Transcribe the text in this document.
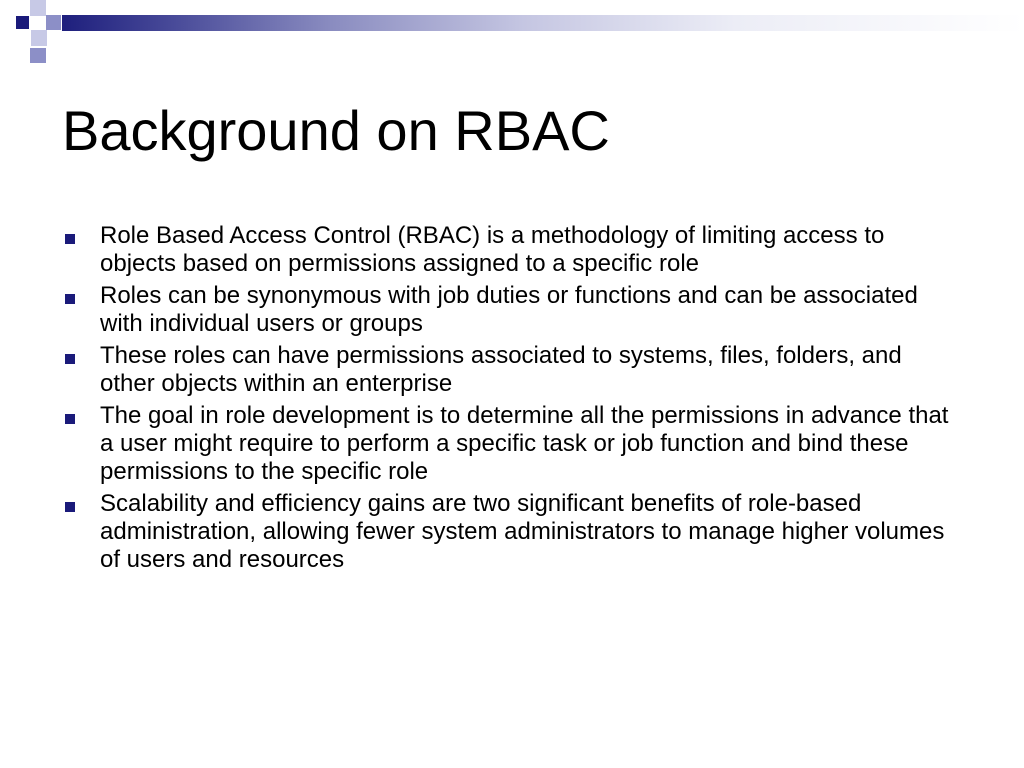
Background on RBAC
Role Based Access Control (RBAC) is a methodology of limiting access to objects based on permissions assigned to a specific role
Roles can be synonymous with job duties or functions and can be associated with individual users or groups
These roles can have permissions associated to systems, files, folders, and other objects within an enterprise
The goal in role development is to determine all the permissions in advance that a user might require to perform a specific task or job function and bind these permissions to the specific role
Scalability and efficiency gains are two significant benefits of role-based administration, allowing fewer system administrators to manage higher volumes of users and resources
